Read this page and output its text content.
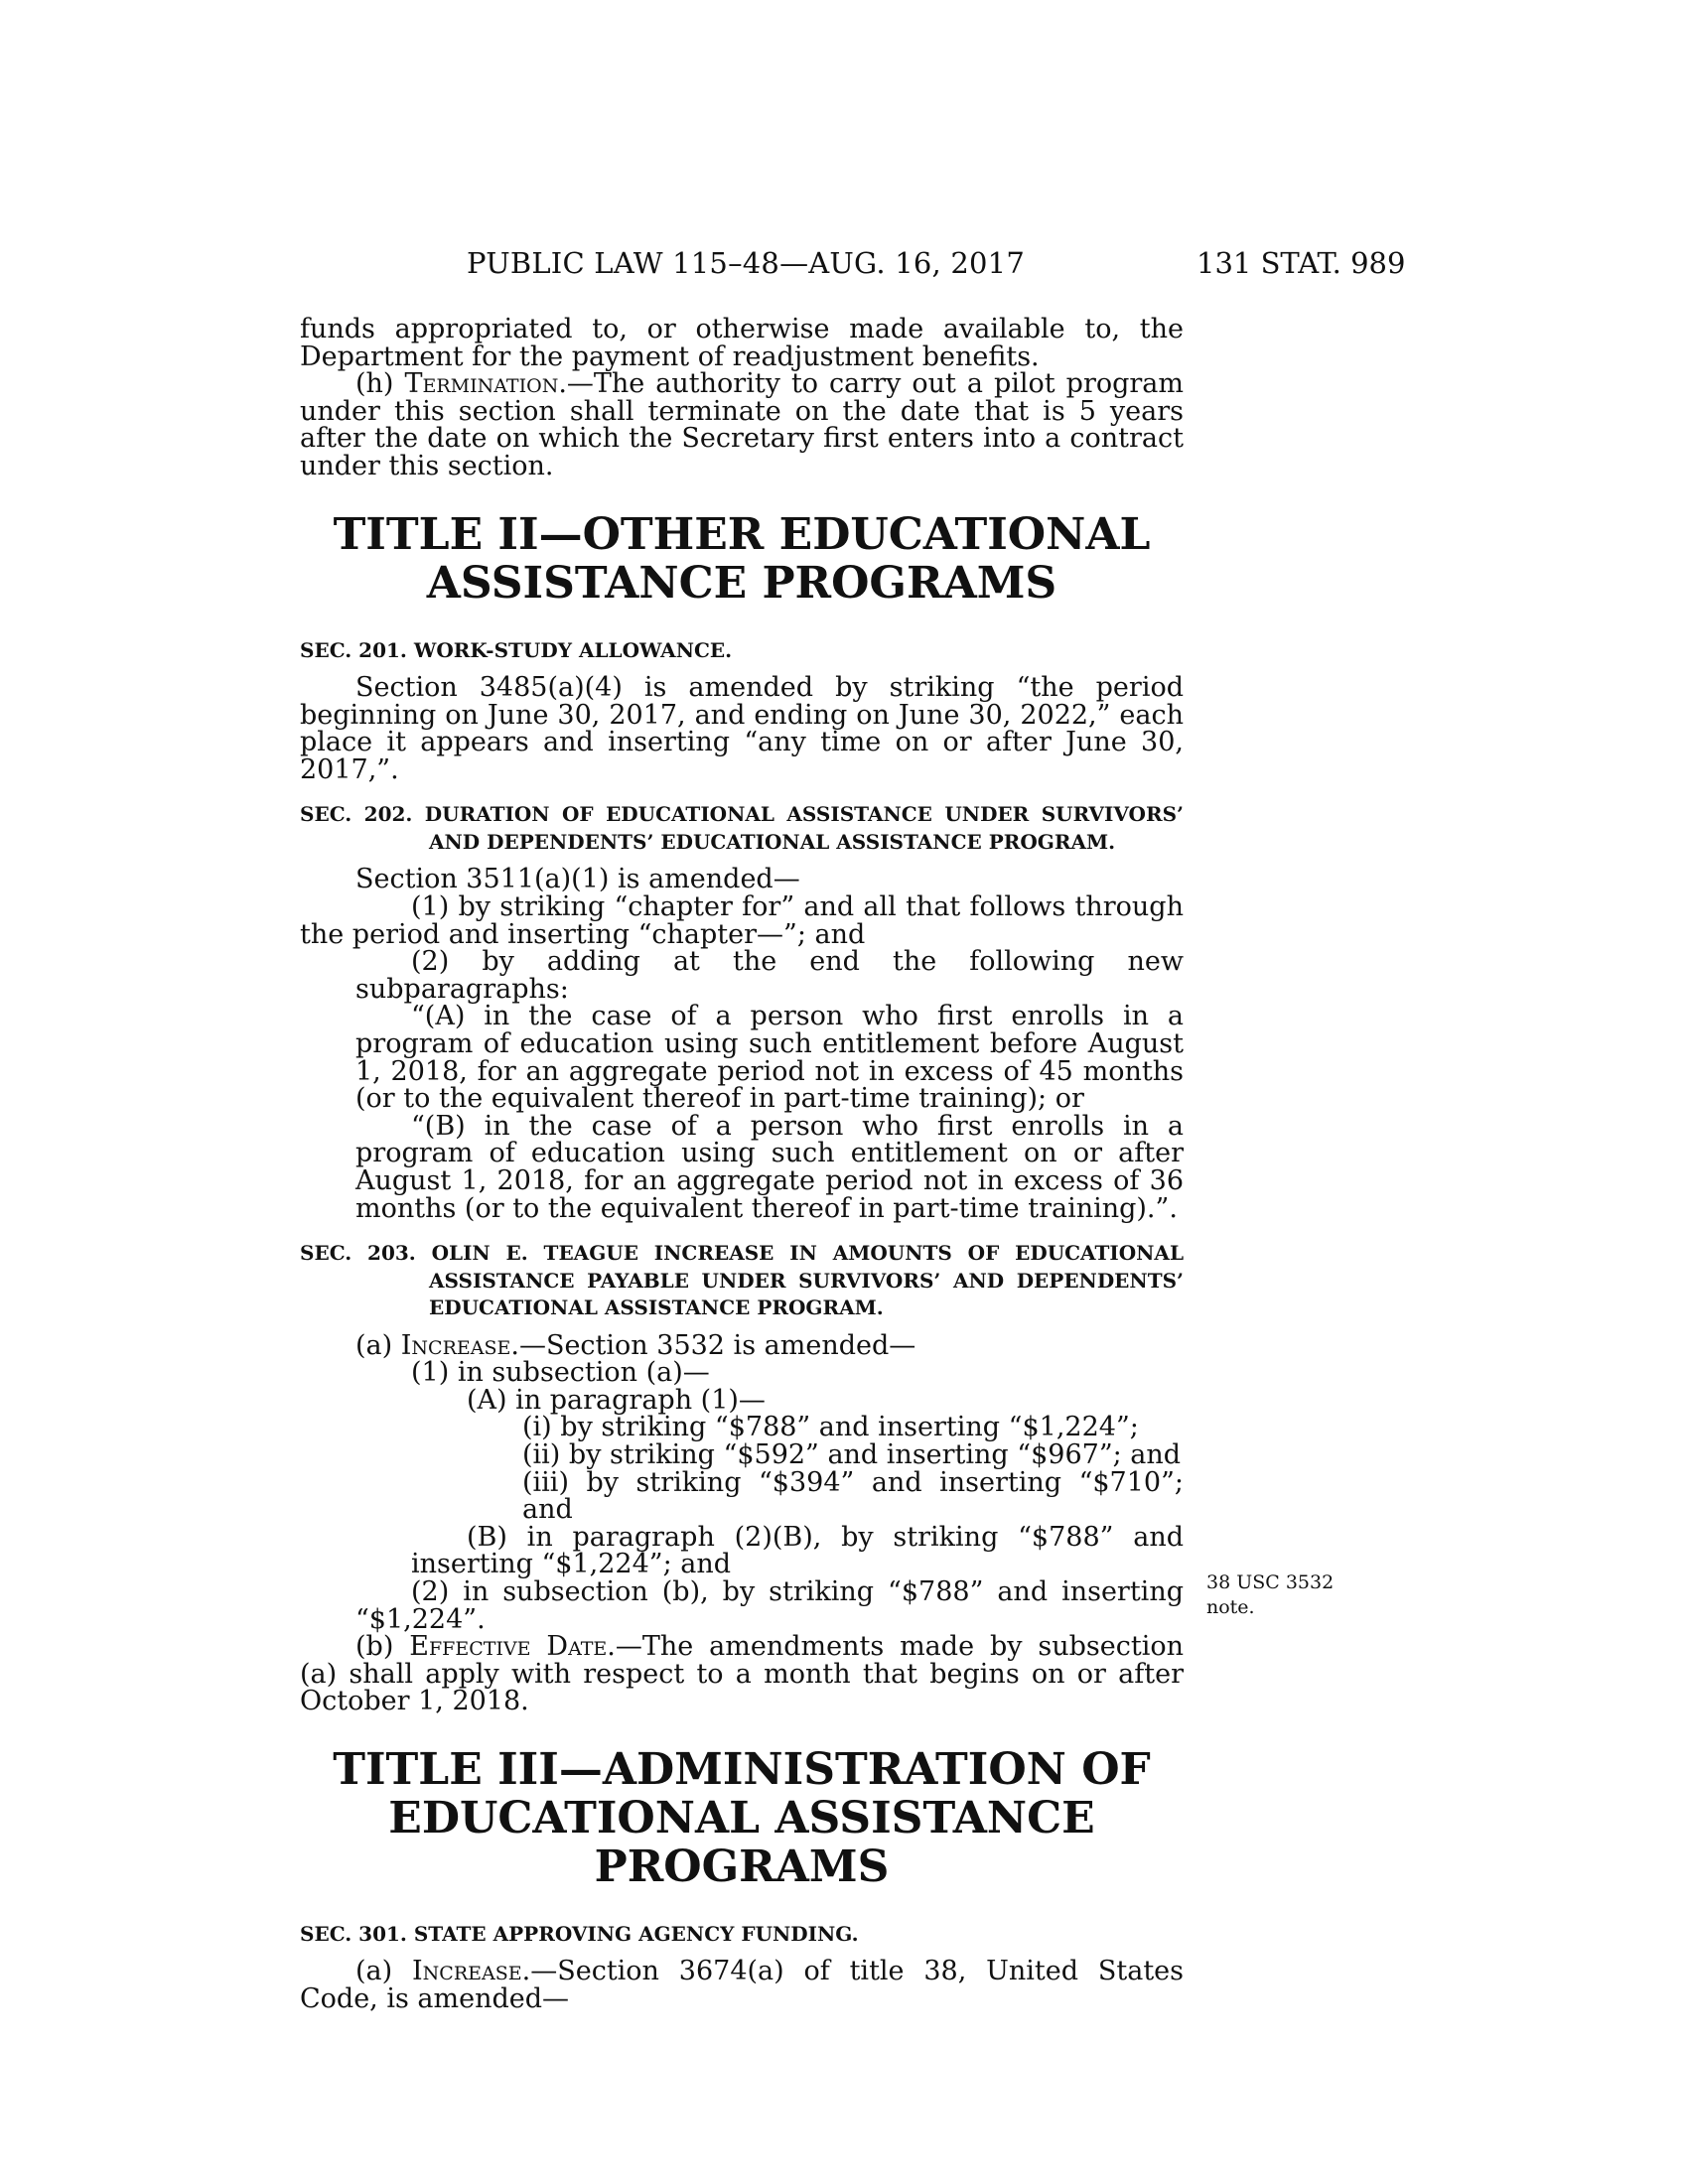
PUBLIC LAW 115–48—AUG. 16, 2017	131 STAT. 989

funds appropriated to, or otherwise made available to, the Department for the payment of readjustment benefits.

(h) Termination.—The authority to carry out a pilot program under this section shall terminate on the date that is 5 years after the date on which the Secretary first enters into a contract under this section.

TITLE II—OTHER EDUCATIONAL
ASSISTANCE PROGRAMS
SEC. 201. WORK-STUDY ALLOWANCE.

Section 3485(a)(4) is amended by striking “the period beginning on June 30, 2017, and ending on June 30, 2022,” each place it appears and inserting “any time on or after June 30, 2017,”.

SEC. 202. DURATION OF EDUCATIONAL ASSISTANCE UNDER SURVIVORS’ AND DEPENDENTS’ EDUCATIONAL ASSISTANCE PROGRAM.

Section 3511(a)(1) is amended—

(1) by striking “chapter for” and all that follows through the period and inserting “chapter—”; and

(2) by adding at the end the following new subparagraphs:

“(A) in the case of a person who first enrolls in a program of education using such entitlement before August 1, 2018, for an aggregate period not in excess of 45 months (or to the equivalent thereof in part-time training); or

“(B) in the case of a person who first enrolls in a program of education using such entitlement on or after August 1, 2018, for an aggregate period not in excess of 36 months (or to the equivalent thereof in part-time training).”.

SEC. 203. OLIN E. TEAGUE INCREASE IN AMOUNTS OF EDUCATIONAL ASSISTANCE PAYABLE UNDER SURVIVORS’ AND DEPENDENTS’ EDUCATIONAL ASSISTANCE PROGRAM.

(a) Increase.—Section 3532 is amended—

(1) in subsection (a)—

(A) in paragraph (1)—

(i) by striking “$788” and inserting “$1,224”;

(ii) by striking “$592” and inserting “$967”; and

(iii) by striking “$394” and inserting “$710”; and

(B) in paragraph (2)(B), by striking “$788” and inserting “$1,224”; and

(2) in subsection (b), by striking “$788” and inserting “$1,224”.

(b) Effective Date.—The amendments made by subsection (a) shall apply with respect to a month that begins on or after October 1, 2018.

TITLE III—ADMINISTRATION OF
EDUCATIONAL ASSISTANCE PROGRAMS
SEC. 301. STATE APPROVING AGENCY FUNDING.

(a) Increase.—Section 3674(a) of title 38, United States Code, is amended—

38 USC 3532
note.
